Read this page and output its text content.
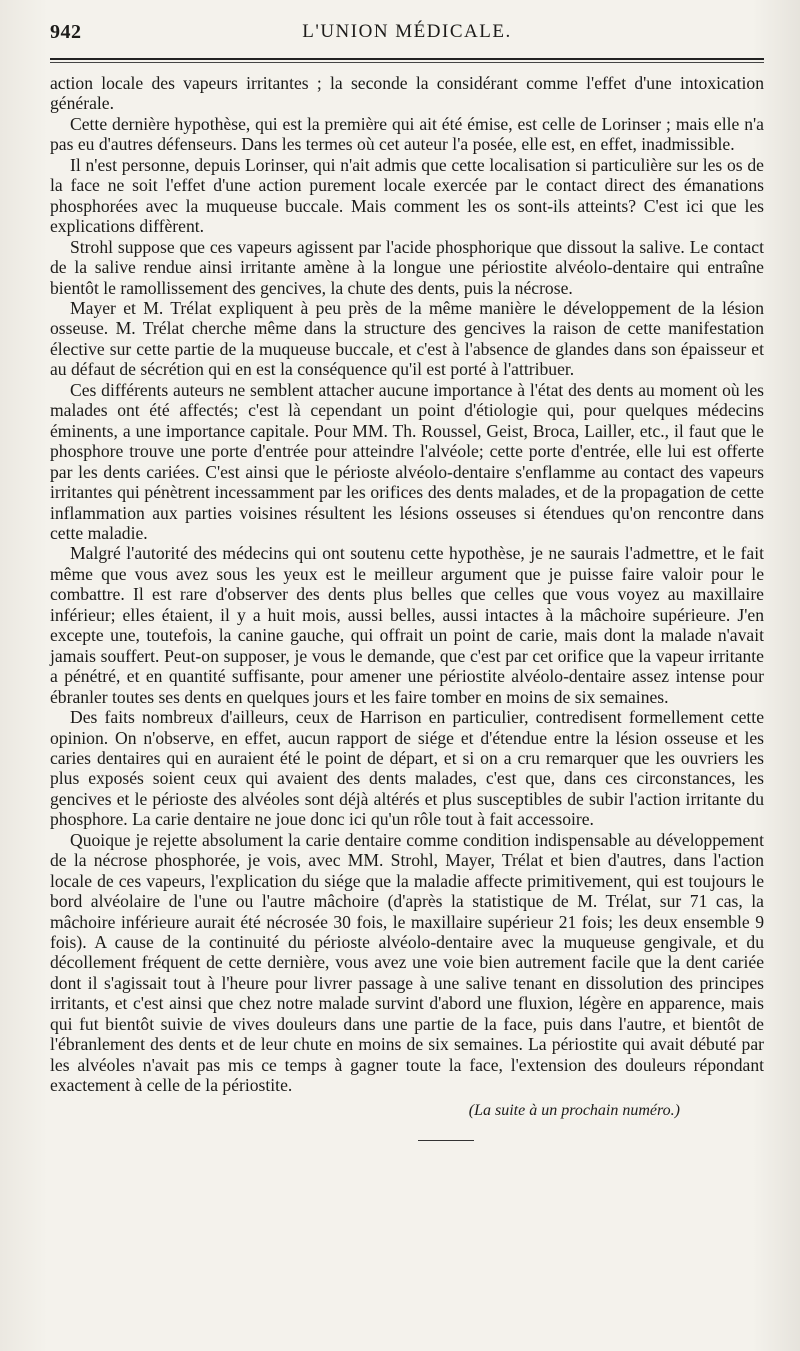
942	L'UNION MÉDICALE.

action locale des vapeurs irritantes ; la seconde la considérant comme l'effet d'une intoxication générale.

Cette dernière hypothèse, qui est la première qui ait été émise, est celle de Lorinser ; mais elle n'a pas eu d'autres défenseurs. Dans les termes où cet auteur l'a posée, elle est, en effet, inadmissible.

Il n'est personne, depuis Lorinser, qui n'ait admis que cette localisation si particulière sur les os de la face ne soit l'effet d'une action purement locale exercée par le contact direct des émanations phosphorées avec la muqueuse buccale. Mais comment les os sont-ils atteints? C'est ici que les explications diffèrent.

Strohl suppose que ces vapeurs agissent par l'acide phosphorique que dissout la salive. Le contact de la salive rendue ainsi irritante amène à la longue une périostite alvéolo-dentaire qui entraîne bientôt le ramollissement des gencives, la chute des dents, puis la nécrose.

Mayer et M. Trélat expliquent à peu près de la même manière le développement de la lésion osseuse. M. Trélat cherche même dans la structure des gencives la raison de cette manifestation élective sur cette partie de la muqueuse buccale, et c'est à l'absence de glandes dans son épaisseur et au défaut de sécrétion qui en est la conséquence qu'il est porté à l'attribuer.

Ces différents auteurs ne semblent attacher aucune importance à l'état des dents au moment où les malades ont été affectés; c'est là cependant un point d'étiologie qui, pour quelques médecins éminents, a une importance capitale. Pour MM. Th. Roussel, Geist, Broca, Lailler, etc., il faut que le phosphore trouve une porte d'entrée pour atteindre l'alvéole; cette porte d'entrée, elle lui est offerte par les dents cariées. C'est ainsi que le périoste alvéolo-dentaire s'enflamme au contact des vapeurs irritantes qui pénètrent incessamment par les orifices des dents malades, et de la propagation de cette inflammation aux parties voisines résultent les lésions osseuses si étendues qu'on rencontre dans cette maladie.

Malgré l'autorité des médecins qui ont soutenu cette hypothèse, je ne saurais l'admettre, et le fait même que vous avez sous les yeux est le meilleur argument que je puisse faire valoir pour le combattre. Il est rare d'observer des dents plus belles que celles que vous voyez au maxillaire inférieur; elles étaient, il y a huit mois, aussi belles, aussi intactes à la mâchoire supérieure. J'en excepte une, toutefois, la canine gauche, qui offrait un point de carie, mais dont la malade n'avait jamais souffert. Peut-on supposer, je vous le demande, que c'est par cet orifice que la vapeur irritante a pénétré, et en quantité suffisante, pour amener une périostite alvéolo-dentaire assez intense pour ébranler toutes ses dents en quelques jours et les faire tomber en moins de six semaines.

Des faits nombreux d'ailleurs, ceux de Harrison en particulier, contredisent formellement cette opinion. On n'observe, en effet, aucun rapport de siége et d'étendue entre la lésion osseuse et les caries dentaires qui en auraient été le point de départ, et si on a cru remarquer que les ouvriers les plus exposés soient ceux qui avaient des dents malades, c'est que, dans ces circonstances, les gencives et le périoste des alvéoles sont déjà altérés et plus susceptibles de subir l'action irritante du phosphore. La carie dentaire ne joue donc ici qu'un rôle tout à fait accessoire.

Quoique je rejette absolument la carie dentaire comme condition indispensable au développement de la nécrose phosphorée, je vois, avec MM. Strohl, Mayer, Trélat et bien d'autres, dans l'action locale de ces vapeurs, l'explication du siége que la maladie affecte primitivement, qui est toujours le bord alvéolaire de l'une ou l'autre mâchoire (d'après la statistique de M. Trélat, sur 71 cas, la mâchoire inférieure aurait été nécrosée 30 fois, le maxillaire supérieur 21 fois; les deux ensemble 9 fois). A cause de la continuité du périoste alvéolo-dentaire avec la muqueuse gengivale, et du décollement fréquent de cette dernière, vous avez une voie bien autrement facile que la dent cariée dont il s'agissait tout à l'heure pour livrer passage à une salive tenant en dissolution des principes irritants, et c'est ainsi que chez notre malade survint d'abord une fluxion, légère en apparence, mais qui fut bientôt suivie de vives douleurs dans une partie de la face, puis dans l'autre, et bientôt de l'ébranlement des dents et de leur chute en moins de six semaines. La périostite qui avait débuté par les alvéoles n'avait pas mis ce temps à gagner toute la face, l'extension des douleurs répondant exactement à celle de la périostite.

(La suite à un prochain numéro.)
